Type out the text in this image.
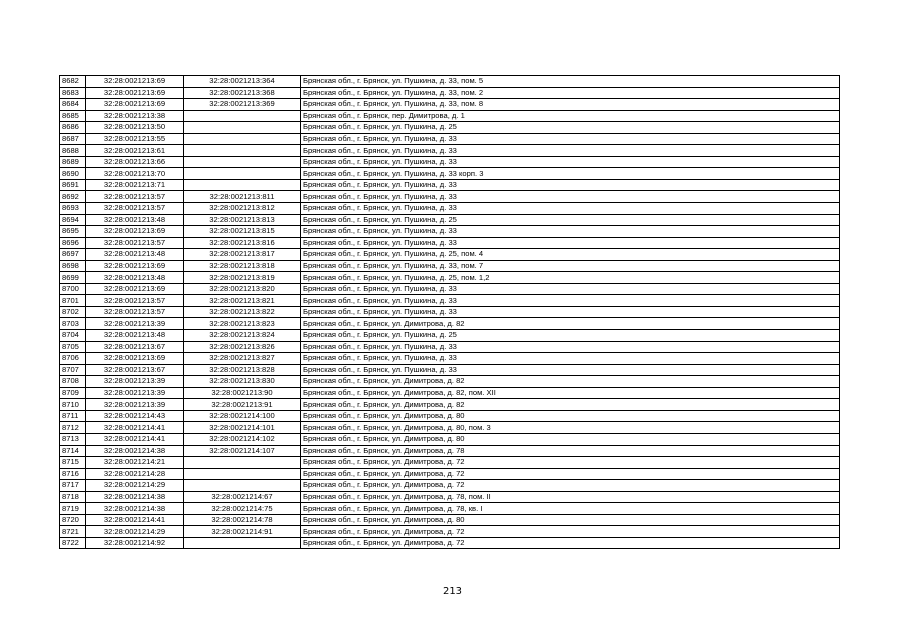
8682	32:28:0021213:69	32:28:0021213:364	Брянская обл., г. Брянск, ул. Пушкина, д. 33, пом. 5
8683	32:28:0021213:69	32:28:0021213:368	Брянская обл., г. Брянск, ул. Пушкина, д. 33, пом. 2
8684	32:28:0021213:69	32:28:0021213:369	Брянская обл., г. Брянск, ул. Пушкина, д. 33, пом. 8
8685	32:28:0021213:38		Брянская обл., г. Брянск, пер. Димитрова, д. 1
8686	32:28:0021213:50		Брянская обл., г. Брянск, ул. Пушкина, д. 25
8687	32:28:0021213:55		Брянская обл., г. Брянск, ул. Пушкина, д. 33
8688	32:28:0021213:61		Брянская обл., г. Брянск, ул. Пушкина, д. 33
8689	32:28:0021213:66		Брянская обл., г. Брянск, ул. Пушкина, д. 33
8690	32:28:0021213:70		Брянская обл., г. Брянск, ул. Пушкина, д. 33 корп. 3
8691	32:28:0021213:71		Брянская обл., г. Брянск, ул. Пушкина, д. 33
8692	32:28:0021213:57	32:28:0021213:811	Брянская обл., г. Брянск, ул. Пушкина, д. 33
8693	32:28:0021213:57	32:28:0021213:812	Брянская обл., г. Брянск, ул. Пушкина, д. 33
8694	32:28:0021213:48	32:28:0021213:813	Брянская обл., г. Брянск, ул. Пушкина, д. 25
8695	32:28:0021213:69	32:28:0021213:815	Брянская обл., г. Брянск, ул. Пушкина, д. 33
8696	32:28:0021213:57	32:28:0021213:816	Брянская обл., г. Брянск, ул. Пушкина, д. 33
8697	32:28:0021213:48	32:28:0021213:817	Брянская обл., г. Брянск, ул. Пушкина, д. 25, пом. 4
8698	32:28:0021213:69	32:28:0021213:818	Брянская обл., г. Брянск, ул. Пушкина, д. 33, пом. 7
8699	32:28:0021213:48	32:28:0021213:819	Брянская обл., г. Брянск, ул. Пушкина, д. 25, пом. 1,2
8700	32:28:0021213:69	32:28:0021213:820	Брянская обл., г. Брянск, ул. Пушкина, д. 33
8701	32:28:0021213:57	32:28:0021213:821	Брянская обл., г. Брянск, ул. Пушкина, д. 33
8702	32:28:0021213:57	32:28:0021213:822	Брянская обл., г. Брянск, ул. Пушкина, д. 33
8703	32:28:0021213:39	32:28:0021213:823	Брянская обл., г. Брянск, ул. Димитрова, д. 82
8704	32:28:0021213:48	32:28:0021213:824	Брянская обл., г. Брянск, ул. Пушкина, д. 25
8705	32:28:0021213:67	32:28:0021213:826	Брянская обл., г. Брянск, ул. Пушкина, д. 33
8706	32:28:0021213:69	32:28:0021213:827	Брянская обл., г. Брянск, ул. Пушкина, д. 33
8707	32:28:0021213:67	32:28:0021213:828	Брянская обл., г. Брянск, ул. Пушкина, д. 33
8708	32:28:0021213:39	32:28:0021213:830	Брянская обл., г. Брянск, ул. Димитрова, д. 82
8709	32:28:0021213:39	32:28:0021213:90	Брянская обл., г. Брянск, ул. Димитрова, д. 82, пом. XII
8710	32:28:0021213:39	32:28:0021213:91	Брянская обл., г. Брянск, ул. Димитрова, д. 82
8711	32:28:0021214:43	32:28:0021214:100	Брянская обл., г. Брянск, ул. Димитрова, д. 80
8712	32:28:0021214:41	32:28:0021214:101	Брянская обл., г. Брянск, ул. Димитрова, д. 80, пом. 3
8713	32:28:0021214:41	32:28:0021214:102	Брянская обл., г. Брянск, ул. Димитрова, д. 80
8714	32:28:0021214:38	32:28:0021214:107	Брянская обл., г. Брянск, ул. Димитрова, д. 78
8715	32:28:0021214:21		Брянская обл., г. Брянск, ул. Димитрова, д. 72
8716	32:28:0021214:28		Брянская обл., г. Брянск, ул. Димитрова, д. 72
8717	32:28:0021214:29		Брянская обл., г. Брянск, ул. Димитрова, д. 72
8718	32:28:0021214:38	32:28:0021214:67	Брянская обл., г. Брянск, ул. Димитрова, д. 78, пом. II
8719	32:28:0021214:38	32:28:0021214:75	Брянская обл., г. Брянск, ул. Димитрова, д. 78, кв. I
8720	32:28:0021214:41	32:28:0021214:78	Брянская обл., г. Брянск, ул. Димитрова, д. 80
8721	32:28:0021214:29	32:28:0021214:91	Брянская обл., г. Брянск, ул. Димитрова, д. 72
8722	32:28:0021214:92		Брянская обл., г. Брянск, ул. Димитрова, д. 72
213
